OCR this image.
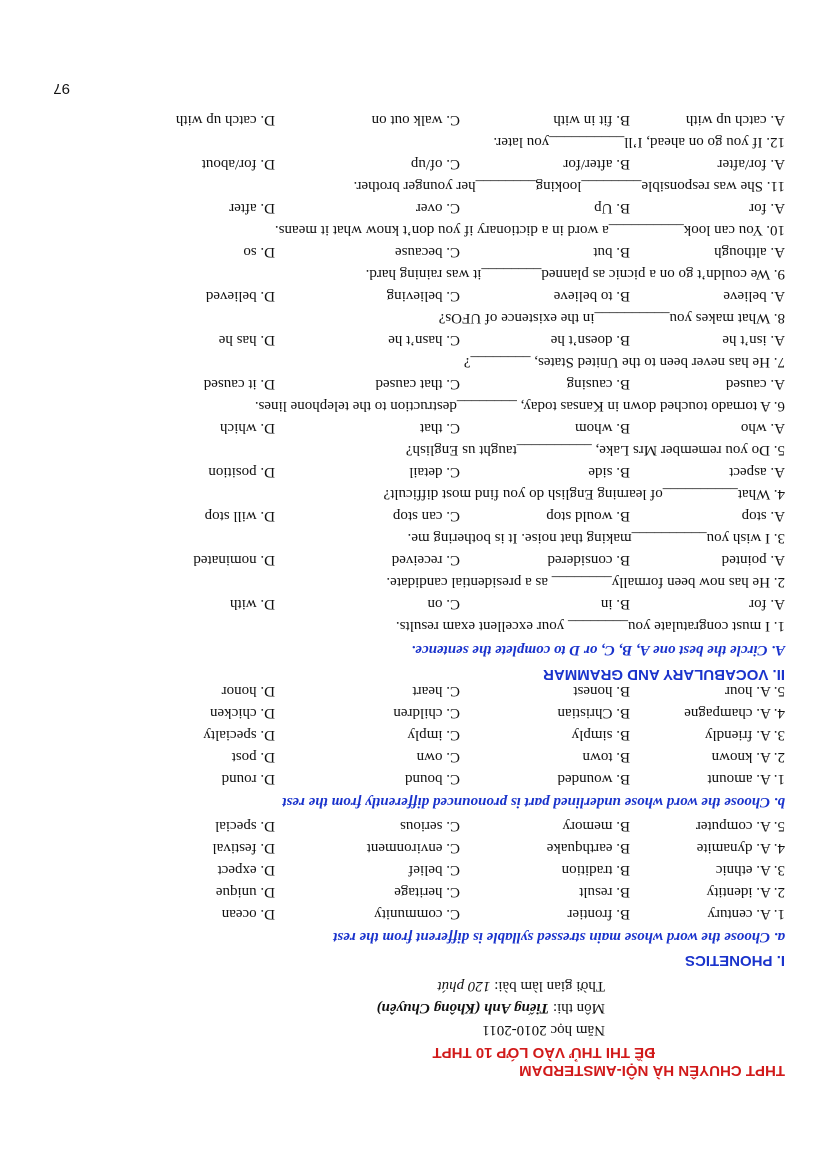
THPT CHUYÊN HÀ NỘI-AMSTERDAM
ĐỀ THI THỬ VÀO LỚP 10 THPT
Năm học 2010-2011
Môn thi: Tiếng Anh (Không Chuyên)
Thời gian làm bài: 120 phút
I. PHONETICS
a. Choose the word whose main stressed syllable is different from the rest
1. A. century
B. frontier
C. community
D. ocean
2. A. identity
B. result
C. heritage
D. unique
3. A. ethnic
B. tradition
C. belief
D. expect
4. A. dynamite
B. earthquake
C. environment
D. festival
5. A. computer
B. memory
C. serious
D. special
b. Choose the word whose underlined part is pronounced differently from the rest
1. A. amount
B. wounded
C. bound
D. round
2. A. known
B. town
C. own
D. post
3. A. friendly
B. simply
C. imply
D. specialty
4. A. champagne
B. Christian
C. children
D. chicken
5. A. hour
B. honest
C. heart
D. honor
II. VOCABULARY AND GRAMMAR
A. Circle the best one A, B, C, or D to complete the sentence.
1. I must congratulate you________ your excellent exam results.
A. for
B. in
C. on
D. with
2. He has now been formally________ as a presidential candidate.
A. pointed
B. considered
C. received
D. nominated
3. I wish you__________making that noise. It is bothering me.
A. stop
B. would stop
C. can stop
D. will stop
4. What__________of learning English do you find most difficult?
A. aspect
B. side
C. detail
D. position
5. Do you remember Mrs Lake, __________taught us English?
A. who
B. whom
C. that
D. which
6. A tornado touched down in Kansas today, ________destruction to the telephone lines.
A. caused
B. causing
C. that caused
D. it caused
7. He has never been to the United States, ________?
A. isn’t he
B. doesn’t he
C. hasn’t he
D. has he
8. What makes you__________in the existence of UFOs?
A. believe
B. to believe
C. believing
D. believed
9. We couldn’t go on a picnic as planned________it was raining hard.
A. although
B. but
C. because
D. so
10. You can look__________a word in a dictionary if you don’t know what it means.
A. for
B. Up
C. over
D. after
11. She was responsible________looking________her younger brother.
A. for/after
B. after/for
C. of/up
D. for/about
12. If you go on ahead, I’ll__________you later.
A. catch up with
B. fit in with
C. walk out on
D. catch up with
97
